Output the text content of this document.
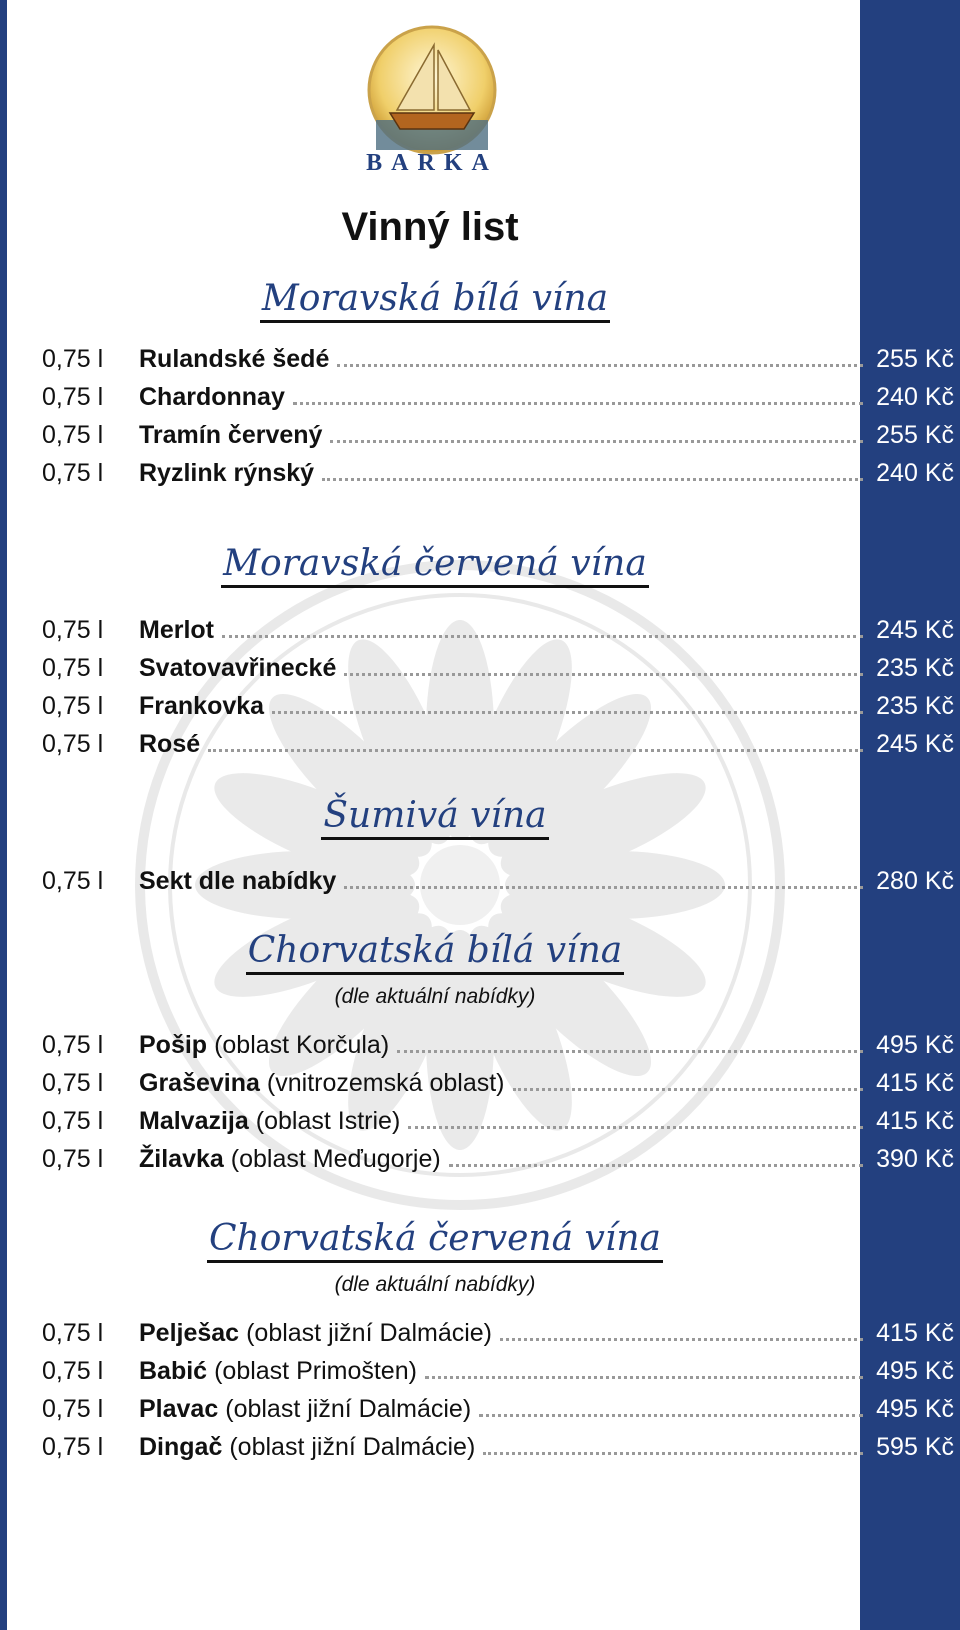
BARKA
Vinný list
Moravská bílá vína
0,75 l	Rulandské šedé	255 Kč
0,75 l	Chardonnay	240 Kč
0,75 l	Tramín červený	255 Kč
0,75 l	Ryzlink rýnský	240 Kč
Moravská červená vína
0,75 l	Merlot	245 Kč
0,75 l	Svatovavřinecké	235 Kč
0,75 l	Frankovka	235 Kč
0,75 l	Rosé	245 Kč
Šumivá vína
0,75 l	Sekt dle nabídky	280 Kč
Chorvatská bílá vína
(dle aktuální nabídky)
0,75 l	Pošip (oblast Korčula)	495 Kč
0,75 l	Graševina (vnitrozemská oblast)	415 Kč
0,75 l	Malvazija (oblast Istrie)	415 Kč
0,75 l	Žilavka (oblast Meďugorje)	390 Kč
Chorvatská červená vína
(dle aktuální nabídky)
0,75 l	Pelješac (oblast jižní Dalmácie)	415 Kč
0,75 l	Babić (oblast Primošten)	495 Kč
0,75 l	Plavac (oblast jižní Dalmácie)	495 Kč
0,75 l	Dingač (oblast jižní Dalmácie)	595 Kč
